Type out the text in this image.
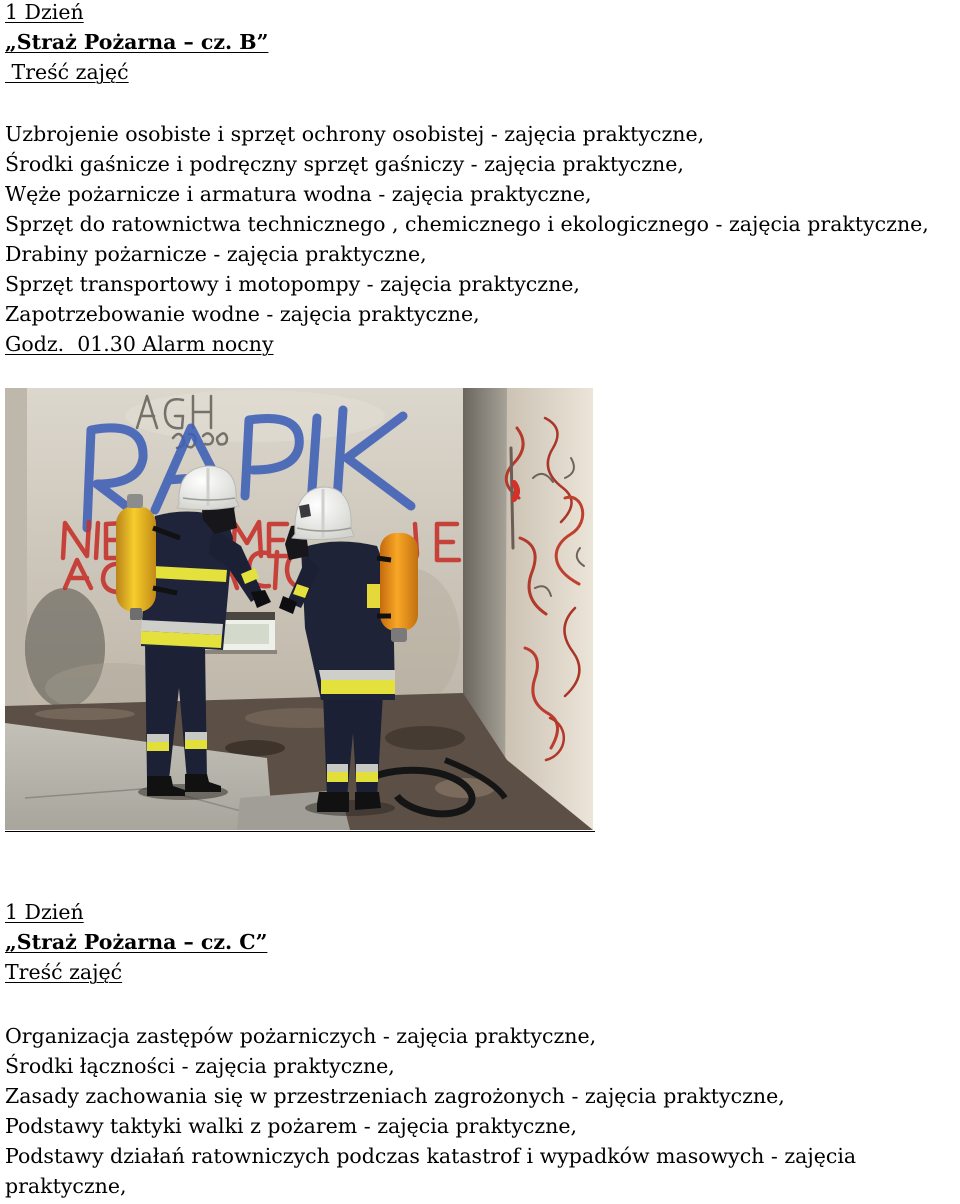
1 Dzień
„Straż Pożarna – cz. B”
Treść zajęć
Uzbrojenie osobiste i sprzęt ochrony osobistej - zajęcia praktyczne,
Środki gaśnicze i podręczny sprzęt gaśniczy - zajęcia praktyczne,
Węże pożarnicze i armatura wodna - zajęcia praktyczne,
Sprzęt do ratownictwa technicznego , chemicznego i ekologicznego - zajęcia praktyczne,
Drabiny pożarnicze - zajęcia praktyczne,
Sprzęt transportowy i motopompy - zajęcia praktyczne,
Zapotrzebowanie wodne - zajęcia praktyczne,
Godz.  01.30 Alarm nocny
1 Dzień
„Straż Pożarna – cz. C”
Treść zajęć
Organizacja zastępów pożarniczych - zajęcia praktyczne,
Środki łączności - zajęcia praktyczne,
Zasady zachowania się w przestrzeniach zagrożonych - zajęcia praktyczne,
Podstawy taktyki walki z pożarem - zajęcia praktyczne,
Podstawy działań ratowniczych podczas katastrof i wypadków masowych - zajęcia
praktyczne,
